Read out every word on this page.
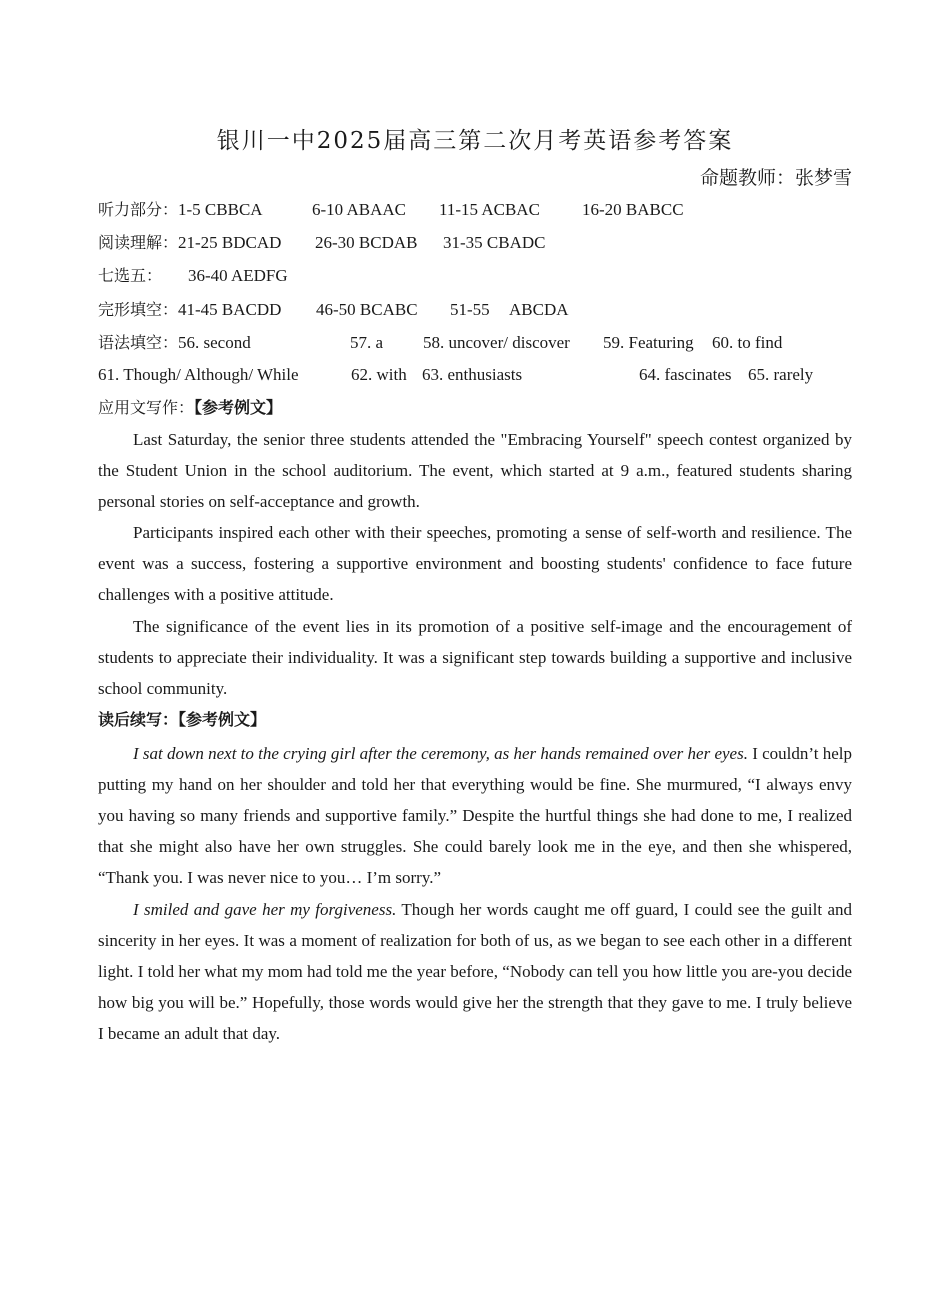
银川一中2025届高三第二次月考英语参考答案
命题教师：张梦雪
听力部分：1-5 CBBCA	6-10 ABAAC 11-15 ACBAC 16-20 BABCC
阅读理解：21-25 BDCAD 26-30 BCDAB 31-35 CBADC
七选五： 36-40 AEDFG
完形填空：41-45 BACDD 46-50 BCABC 51-55 ABCDA
语法填空：56. second	57. a 58. uncover/ discover 59. Featuring 60. to find
61. Though/ Although/ While	62. with 63. enthusiasts	64. fascinates 65. rarely
应用文写作：【参考例文】

Last Saturday, the senior three students attended the "Embracing Yourself" speech contest organized by the Student Union in the school auditorium. The event, which started at 9 a.m., featured students sharing personal stories on self-acceptance and growth.

Participants inspired each other with their speeches, promoting a sense of self-worth and resilience. The event was a success, fostering a supportive environment and boosting students' confidence to face future challenges with a positive attitude.

The significance of the event lies in its promotion of a positive self-image and the encouragement of students to appreciate their individuality. It was a significant step towards building a supportive and inclusive school community.

读后续写：【参考例文】

I sat down next to the crying girl after the ceremony, as her hands remained over her eyes. I couldn’t help putting my hand on her shoulder and told her that everything would be fine. She murmured, “I always envy you having so many friends and supportive family.” Despite the hurtful things she had done to me, I realized that she might also have her own struggles. She could barely look me in the eye, and then she whispered, “Thank you. I was never nice to you… I’m sorry.”

I smiled and gave her my forgiveness. Though her words caught me off guard, I could see the guilt and sincerity in her eyes. It was a moment of realization for both of us, as we began to see each other in a different light. I told her what my mom had told me the year before, “Nobody can tell you how little you are-you decide how big you will be.” Hopefully, those words would give her the strength that they gave to me. I truly believe I became an adult that day.
